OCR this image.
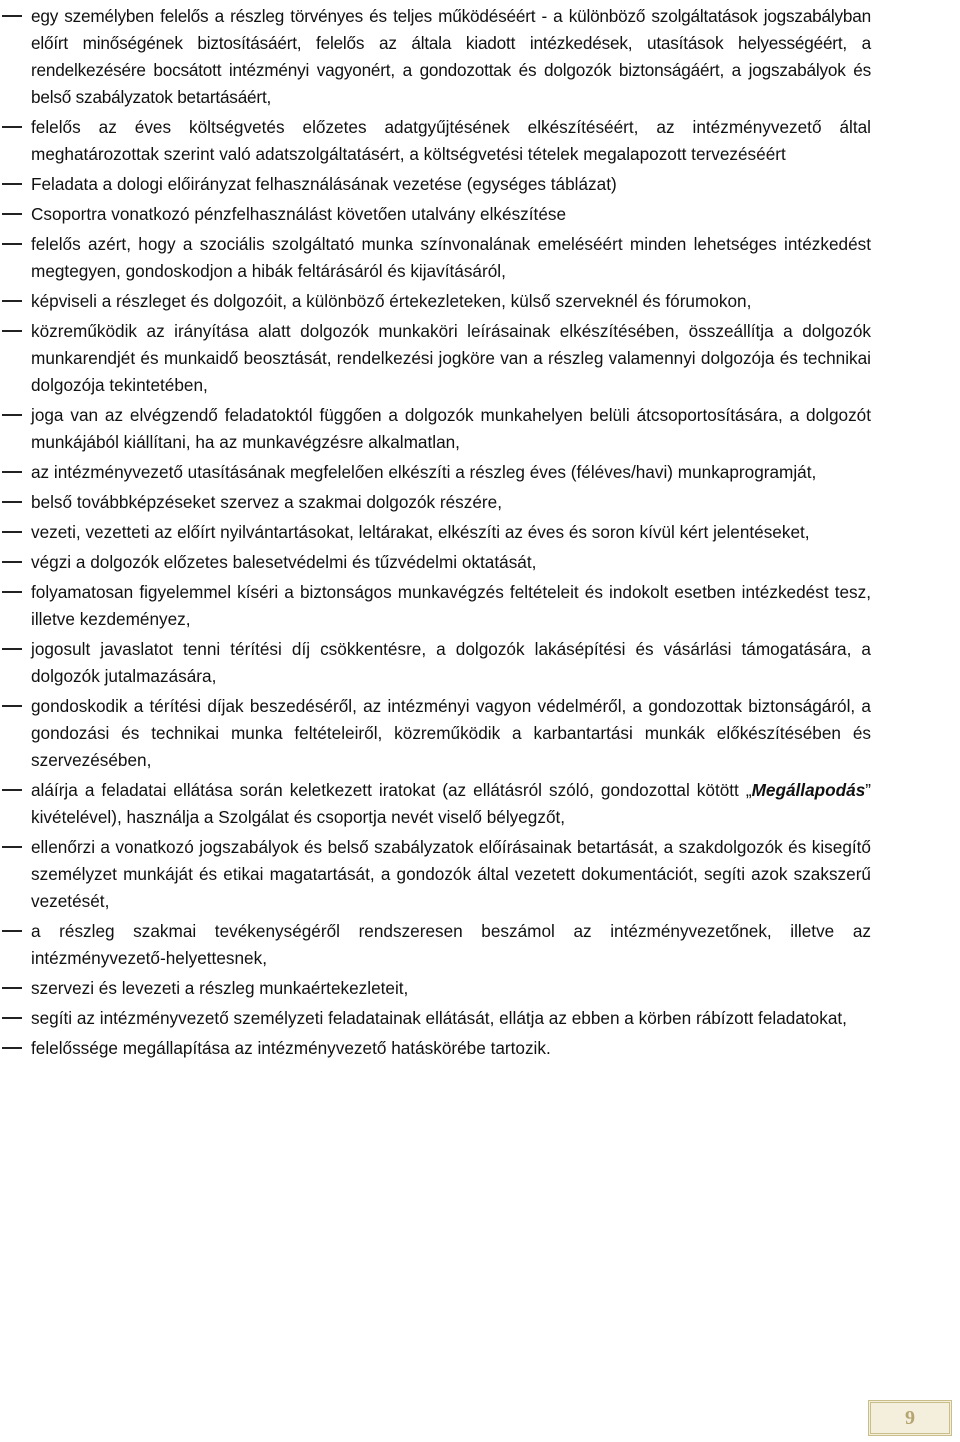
egy személyben felelős a részleg törvényes és teljes működéséért - a különböző szolgáltatások jogszabályban előírt minőségének biztosításáért, felelős az általa kiadott intézkedések, utasítások helyességéért, a rendelkezésére bocsátott intézményi vagyonért, a gondozottak és dolgozók biztonságáért, a jogszabályok és belső szabályzatok betartásáért,
felelős az éves költségvetés előzetes adatgyűjtésének elkészítéséért, az intézményvezető által meghatározottak szerint való adatszolgáltatásért, a költségvetési tételek megalapozott tervezéséért
Feladata a dologi előirányzat felhasználásának vezetése (egységes táblázat)
Csoportra vonatkozó pénzfelhasználást követően utalvány elkészítése
felelős azért, hogy a szociális szolgáltató munka színvonalának emeléséért minden lehetséges intézkedést megtegyen, gondoskodjon a hibák feltárásáról és kijavításáról,
képviseli a részleget és dolgozóit, a különböző értekezleteken, külső szerveknél és fórumokon,
közreműködik az irányítása alatt dolgozók munkaköri leírásainak elkészítésében, összeállítja a dolgozók munkarendjét és munkaidő beosztását, rendelkezési jogköre van a részleg valamennyi dolgozója és technikai dolgozója tekintetében,
joga van az elvégzendő feladatoktól függően a dolgozók munkahelyen belüli átcsoportosítására, a dolgozót munkájából kiállítani, ha az munkavégzésre alkalmatlan,
az intézményvezető utasításának megfelelően elkészíti a részleg éves (féléves/havi) munkaprogramját,
belső továbbképzéseket szervez a szakmai dolgozók részére,
vezeti, vezetteti az előírt nyilvántartásokat, leltárakat, elkészíti az éves és soron kívül kért jelentéseket,
végzi a dolgozók előzetes balesetvédelmi és tűzvédelmi oktatását,
folyamatosan figyelemmel kíséri a biztonságos munkavégzés feltételeit és indokolt esetben intézkedést tesz, illetve kezdeményez,
jogosult javaslatot tenni térítési díj csökkentésre, a dolgozók lakásépítési és vásárlási támogatására, a dolgozók jutalmazására,
gondoskodik a térítési díjak beszedéséről, az intézményi vagyon védelméről, a gondozottak biztonságáról, a gondozási és technikai munka feltételeiről, közreműködik a karbantartási munkák előkészítésében és szervezésében,
aláírja a feladatai ellátása során keletkezett iratokat (az ellátásról szóló, gondozottal kötött „Megállapodás” kivételével), használja a Szolgálat és csoportja nevét viselő bélyegzőt,
ellenőrzi a vonatkozó jogszabályok és belső szabályzatok előírásainak betartását, a szakdolgozók és kisegítő személyzet munkáját és etikai magatartását, a gondozók által vezetett dokumentációt, segíti azok szakszerű vezetését,
a részleg szakmai tevékenységéről rendszeresen beszámol az intézményvezetőnek, illetve az intézményvezető-helyettesnek,
szervezi és levezeti a részleg munkaértekezleteit,
segíti az intézményvezető személyzeti feladatainak ellátását, ellátja az ebben a körben rábízott feladatokat,
felelőssége megállapítása az intézményvezető hatáskörébe tartozik.
9
